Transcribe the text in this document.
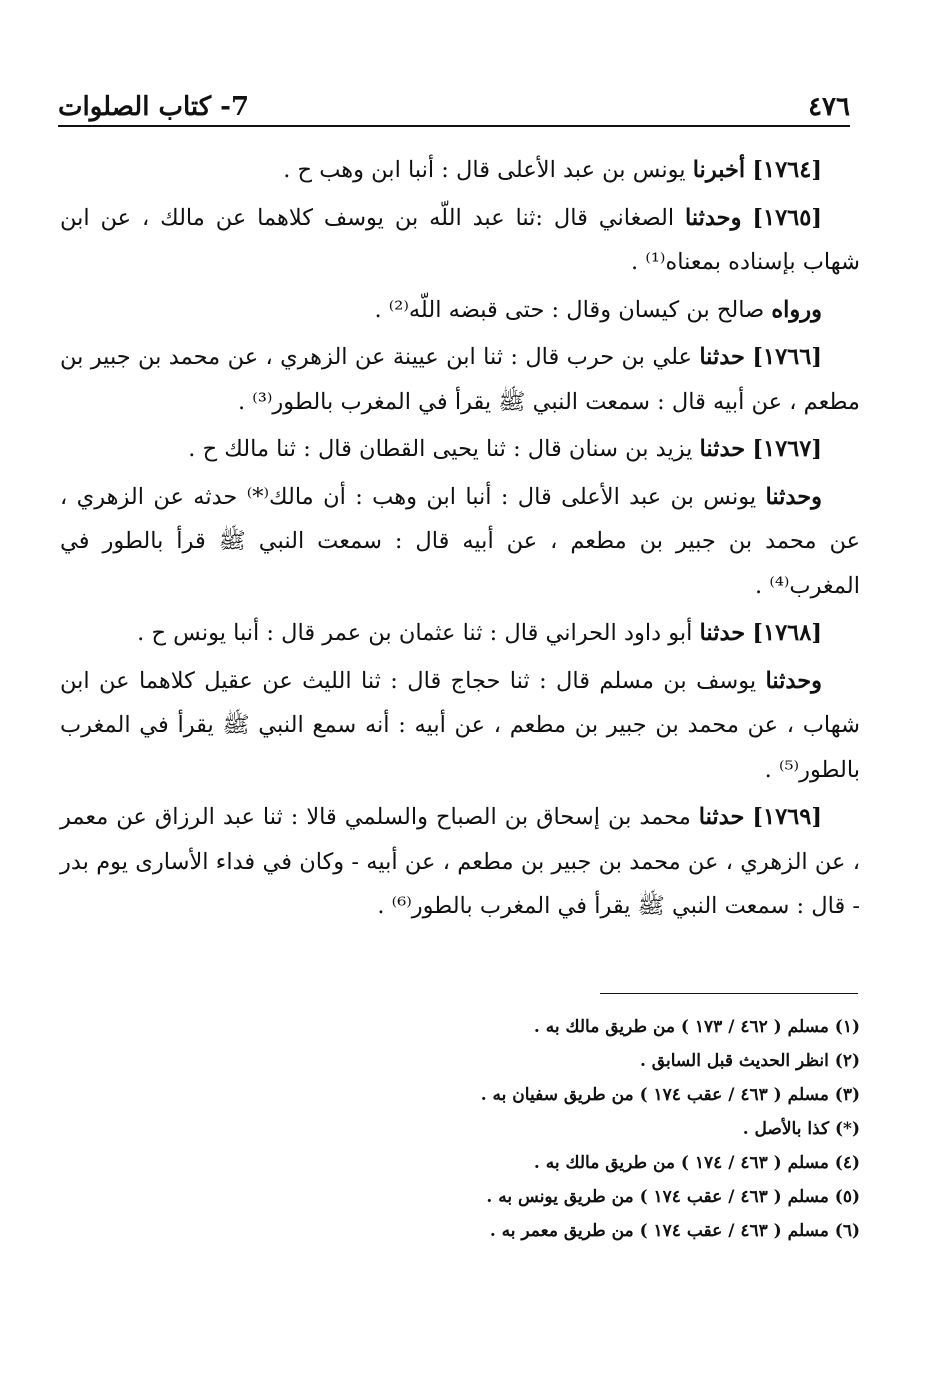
7- كتاب الصلوات	٤٧٦

[١٧٦٤] أخبرنا يونس بن عبد الأعلى قال : أنبا ابن وهب ح .

[١٧٦٥] وحدثنا الصغاني قال :ثنا عبد اللّه بن يوسف كلاهما عن مالك ، عن ابن شهاب بإسناده بمعناه⁽¹⁾ .

ورواه صالح بن كيسان وقال : حتى قبضه اللّه⁽²⁾ .

[١٧٦٦] حدثنا علي بن حرب قال : ثنا ابن عيينة عن الزهري ، عن محمد بن جبير بن مطعم ، عن أبيه قال : سمعت النبي ﷺ يقرأ في المغرب بالطور⁽³⁾ .

[١٧٦٧] حدثنا يزيد بن سنان قال : ثنا يحيى القطان قال : ثنا مالك ح .

وحدثنا يونس بن عبد الأعلى قال : أنبا ابن وهب : أن مالك⁽*⁾ حدثه عن الزهري ، عن محمد بن جبير بن مطعم ، عن أبيه قال : سمعت النبي ﷺ قرأ بالطور في المغرب⁽⁴⁾ .

[١٧٦٨] حدثنا أبو داود الحراني قال : ثنا عثمان بن عمر قال : أنبا يونس ح .

وحدثنا يوسف بن مسلم قال : ثنا حجاج قال : ثنا الليث عن عقيل كلاهما عن ابن شهاب ، عن محمد بن جبير بن مطعم ، عن أبيه : أنه سمع النبي ﷺ يقرأ في المغرب بالطور⁽⁵⁾ .

[١٧٦٩] حدثنا محمد بن إسحاق بن الصباح والسلمي قالا : ثنا عبد الرزاق عن معمر ، عن الزهري ، عن محمد بن جبير بن مطعم ، عن أبيه - وكان في فداء الأسارى يوم بدر - قال : سمعت النبي ﷺ يقرأ في المغرب بالطور⁽⁶⁾ .

(١) مسلم ( ٤٦٢ / ١٧٣ ) من طريق مالك به .

(٢) انظر الحديث قبل السابق .

(٣) مسلم ( ٤٦٣ / عقب ١٧٤ ) من طريق سفيان به .

(*) كذا بالأصل .

(٤) مسلم ( ٤٦٣ / ١٧٤ ) من طريق مالك به .

(٥) مسلم ( ٤٦٣ / عقب ١٧٤ ) من طريق يونس به .

(٦) مسلم ( ٤٦٣ / عقب ١٧٤ ) من طريق معمر به .
